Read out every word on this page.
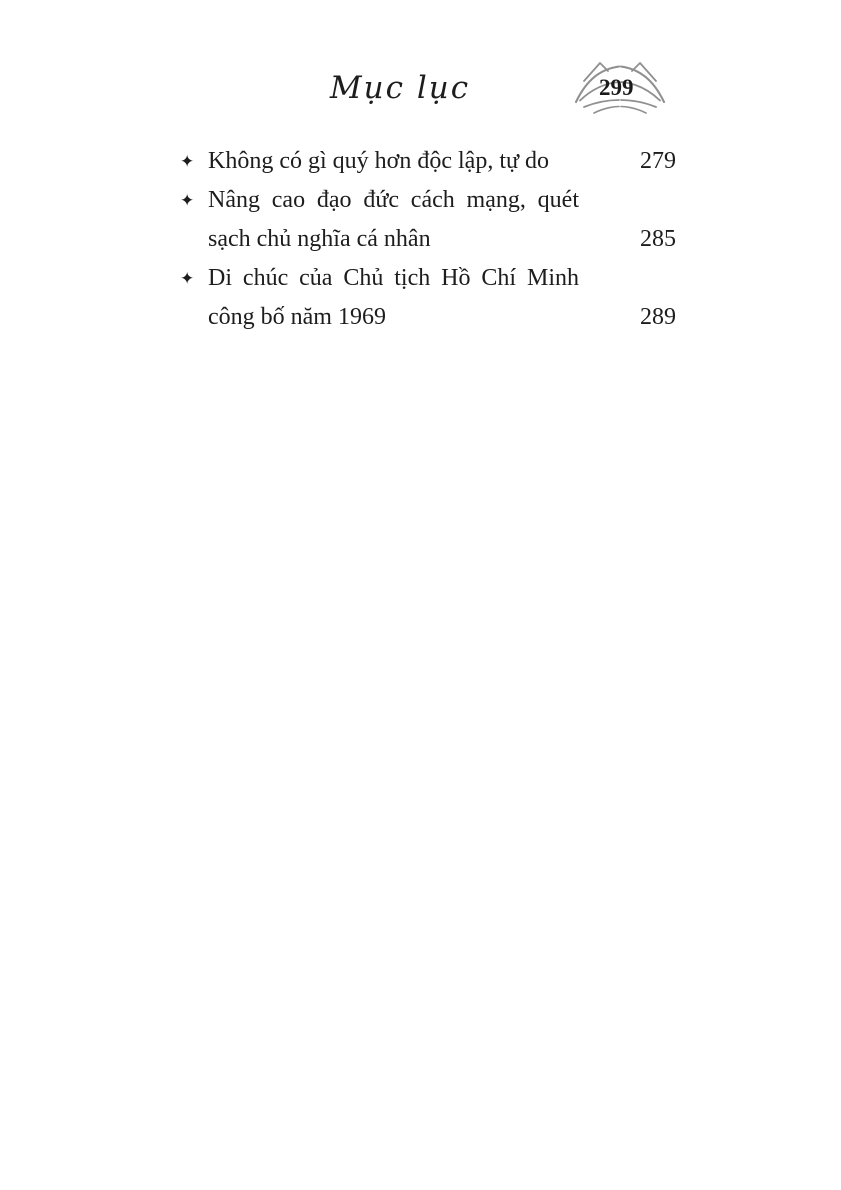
Mục lục	299
✦ Không có gì quý hơn độc lập, tự do	279
✦ Nâng cao đạo đức cách mạng, quét sạch chủ nghĩa cá nhân	285
✦ Di chúc của Chủ tịch Hồ Chí Minh công bố năm 1969	289
